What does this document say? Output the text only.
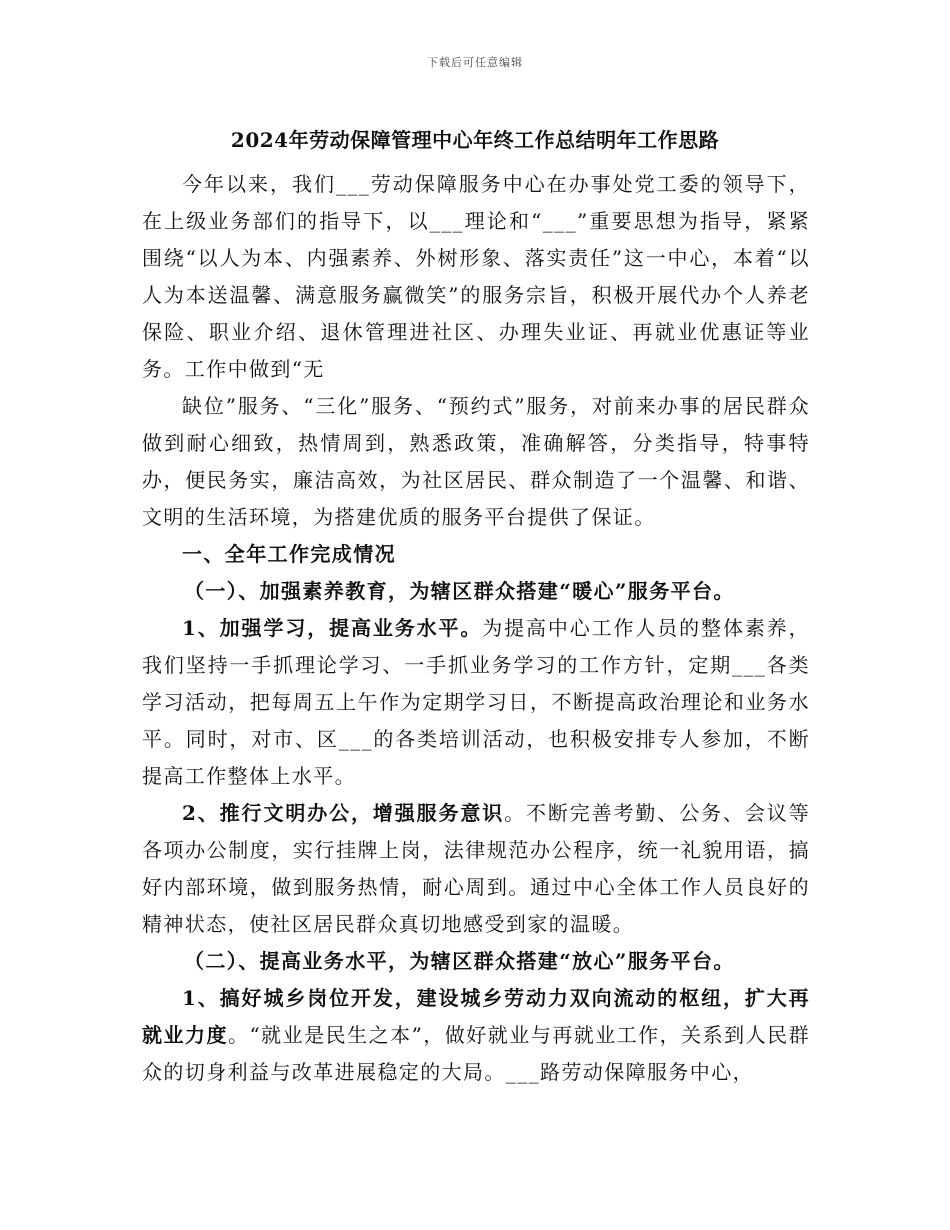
下载后可任意编辑
2024年劳动保障管理中心年终工作总结明年工作思路

今年以来，我们___劳动保障服务中心在办事处党工委的领导下，在上级业务部们的指导下，以___理论和“___”重要思想为指导，紧紧围绕“以人为本、内强素养、外树形象、落实责任”这一中心，本着“以人为本送温馨、满意服务赢微笑”的服务宗旨，积极开展代办个人养老保险、职业介绍、退休管理进社区、办理失业证、再就业优惠证等业务。工作中做到“无

缺位”服务、“三化”服务、“预约式”服务，对前来办事的居民群众做到耐心细致，热情周到，熟悉政策，准确解答，分类指导，特事特办，便民务实，廉洁高效，为社区居民、群众制造了一个温馨、和谐、文明的生活环境，为搭建优质的服务平台提供了保证。

一、全年工作完成情况

（一）、加强素养教育，为辖区群众搭建“暖心”服务平台。

1、加强学习，提高业务水平。为提高中心工作人员的整体素养，我们坚持一手抓理论学习、一手抓业务学习的工作方针，定期___各类学习活动，把每周五上午作为定期学习日，不断提高政治理论和业务水平。同时，对市、区___的各类培训活动，也积极安排专人参加，不断提高工作整体上水平。

2、推行文明办公，增强服务意识。不断完善考勤、公务、会议等各项办公制度，实行挂牌上岗，法律规范办公程序，统一礼貌用语，搞好内部环境，做到服务热情，耐心周到。通过中心全体工作人员良好的精神状态，使社区居民群众真切地感受到家的温暖。

（二）、提高业务水平，为辖区群众搭建“放心”服务平台。

1、搞好城乡岗位开发，建设城乡劳动力双向流动的枢纽，扩大再就业力度。“就业是民生之本”，做好就业与再就业工作，关系到人民群众的切身利益与改革进展稳定的大局。___路劳动保障服务中心，
